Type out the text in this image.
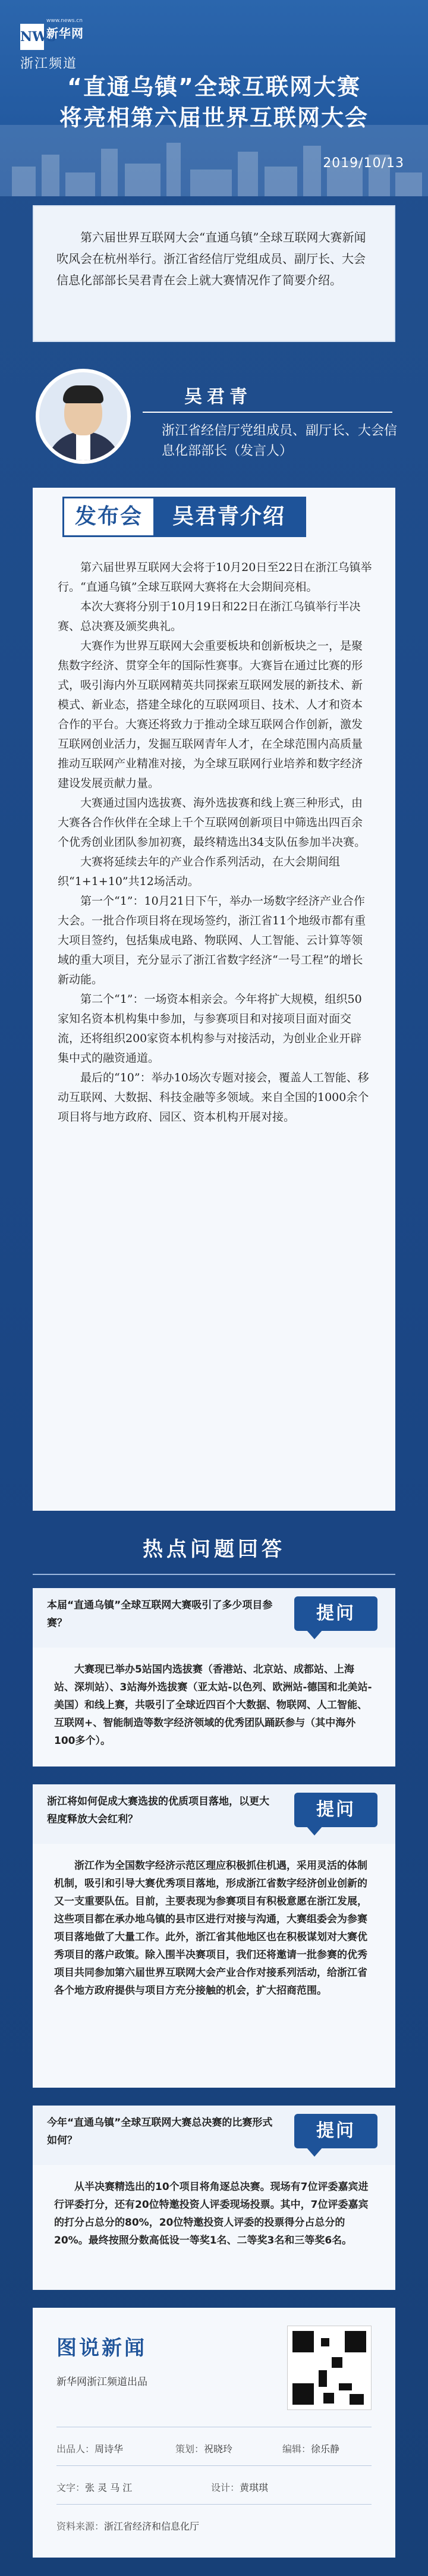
NWS
www.news.cn
新华网
浙江频道
“直通乌镇”全球互联网大赛
将亮相第六届世界互联网大会
2019/10/13

第六届世界互联网大会“直通乌镇”全球互联网大赛新闻吹风会在杭州举行。浙江省经信厅党组成员、副厅长、大会信息化部部长吴君青在会上就大赛情况作了简要介绍。

吴君青
浙江省经信厅党组成员、副厅长、大会信息化部部长（发言人）
发布会	吴君青介绍

第六届世界互联网大会将于10月20日至22日在浙江乌镇举行。“直通乌镇”全球互联网大赛将在大会期间亮相。

本次大赛将分别于10月19日和22日在浙江乌镇举行半决赛、总决赛及颁奖典礼。

大赛作为世界互联网大会重要板块和创新板块之一，是聚焦数字经济、贯穿全年的国际性赛事。大赛旨在通过比赛的形式，吸引海内外互联网精英共同探索互联网发展的新技术、新模式、新业态，搭建全球化的互联网项目、技术、人才和资本合作的平台。大赛还将致力于推动全球互联网合作创新，激发互联网创业活力，发掘互联网青年人才，在全球范围内高质量推动互联网产业精准对接，为全球互联网行业培养和数字经济建设发展贡献力量。

大赛通过国内选拔赛、海外选拔赛和线上赛三种形式，由大赛各合作伙伴在全球上千个互联网创新项目中筛选出四百余个优秀创业团队参加初赛，最终精选出34支队伍参加半决赛。

大赛将延续去年的产业合作系列活动，在大会期间组织“1+1+10”共12场活动。

第一个“1”：10月21日下午，举办一场数字经济产业合作大会。一批合作项目将在现场签约，浙江省11个地级市都有重大项目签约，包括集成电路、物联网、人工智能、云计算等领域的重大项目，充分显示了浙江省数字经济“一号工程”的增长新动能。

第二个“1”：一场资本相亲会。今年将扩大规模，组织50家知名资本机构集中参加，与参赛项目和对接项目面对面交流，还将组织200家资本机构参与对接活动，为创业企业开辟集中式的融资通道。

最后的“10”：举办10场次专题对接会，覆盖人工智能、移动互联网、大数据、科技金融等多领域。来自全国的1000余个项目将与地方政府、园区、资本机构开展对接。

热点问题回答
本届“直通乌镇”全球互联网大赛吸引了多少项目参赛？	提问

大赛现已举办5站国内选拔赛（香港站、北京站、成都站、上海站、深圳站）、3站海外选拔赛（亚太站-以色列、欧洲站-德国和北美站-美国）和线上赛，共吸引了全球近四百个大数据、物联网、人工智能、互联网+、智能制造等数字经济领域的优秀团队踊跃参与（其中海外100多个）。

浙江将如何促成大赛选拔的优质项目落地，以更大程度释放大会红利？	提问

浙江作为全国数字经济示范区理应积极抓住机遇，采用灵活的体制机制，吸引和引导大赛优秀项目落地，形成浙江省数字经济创业创新的又一支重要队伍。目前，主要表现为参赛项目有积极意愿在浙江发展，这些项目都在承办地乌镇的县市区进行对接与沟通，大赛组委会为参赛项目落地做了大量工作。此外，浙江省其他地区也在积极谋划对大赛优秀项目的落户政策。除入围半决赛项目，我们还将邀请一批参赛的优秀项目共同参加第六届世界互联网大会产业合作对接系列活动，给浙江省各个地方政府提供与项目方充分接触的机会，扩大招商范围。

今年“直通乌镇”全球互联网大赛总决赛的比赛形式如何？	提问

从半决赛精选出的10个项目将角逐总决赛。现场有7位评委嘉宾进行评委打分，还有20位特邀投资人评委现场投票。其中，7位评委嘉宾的打分占总分的80%，20位特邀投资人评委的投票得分占总分的20%。最终按照分数高低设一等奖1名、二等奖3名和三等奖6名。

图说新闻
新华网浙江频道出品
出品人：周诗华	策划：祝晓玲	编辑：徐乐静
文字：张 灵 马 江	设计：黄琪琪
资料来源：浙江省经济和信息化厅
